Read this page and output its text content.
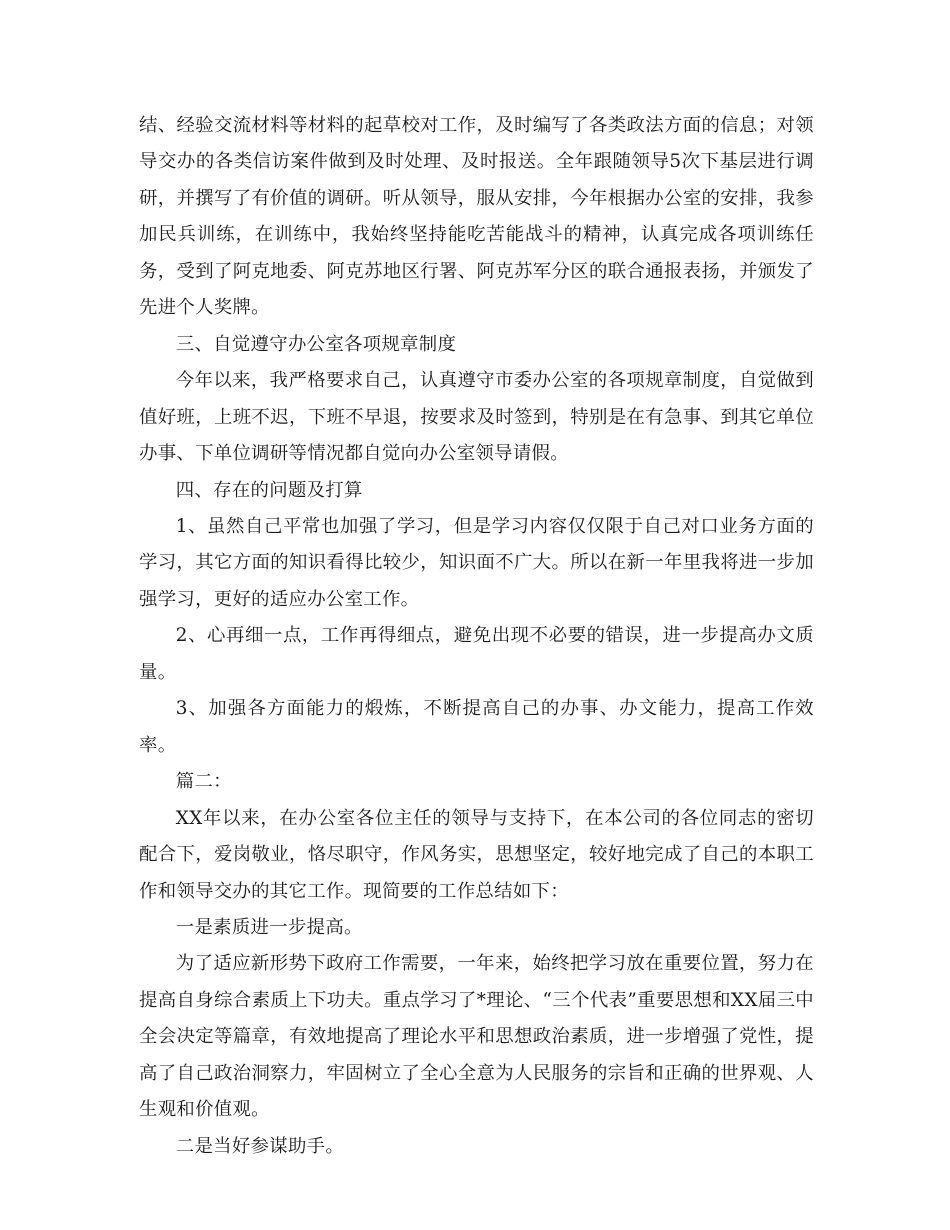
结、经验交流材料等材料的起草校对工作，及时编写了各类政法方面的信息；对领导交办的各类信访案件做到及时处理、及时报送。全年跟随领导5次下基层进行调研，并撰写了有价值的调研。听从领导，服从安排，今年根据办公室的安排，我参加民兵训练，在训练中，我始终坚持能吃苦能战斗的精神，认真完成各项训练任务，受到了阿克地委、阿克苏地区行署、阿克苏军分区的联合通报表扬，并颁发了先进个人奖牌。

三、自觉遵守办公室各项规章制度

今年以来，我严格要求自己，认真遵守市委办公室的各项规章制度，自觉做到值好班，上班不迟，下班不早退，按要求及时签到，特别是在有急事、到其它单位办事、下单位调研等情况都自觉向办公室领导请假。

四、存在的问题及打算

1、虽然自己平常也加强了学习，但是学习内容仅仅限于自己对口业务方面的学习，其它方面的知识看得比较少，知识面不广大。所以在新一年里我将进一步加强学习，更好的适应办公室工作。

2、心再细一点，工作再得细点，避免出现不必要的错误，进一步提高办文质量。

3、加强各方面能力的煅炼，不断提高自己的办事、办文能力，提高工作效率。

篇二：

XX年以来，在办公室各位主任的领导与支持下，在本公司的各位同志的密切配合下，爱岗敬业，恪尽职守，作风务实，思想坚定，较好地完成了自己的本职工作和领导交办的其它工作。现简要的工作总结如下：

一是素质进一步提高。

为了适应新形势下政府工作需要，一年来，始终把学习放在重要位置，努力在提高自身综合素质上下功夫。重点学习了*理论、“三个代表”重要思想和XX届三中全会决定等篇章，有效地提高了理论水平和思想政治素质，进一步增强了党性，提高了自己政治洞察力，牢固树立了全心全意为人民服务的宗旨和正确的世界观、人生观和价值观。

二是当好参谋助手。
